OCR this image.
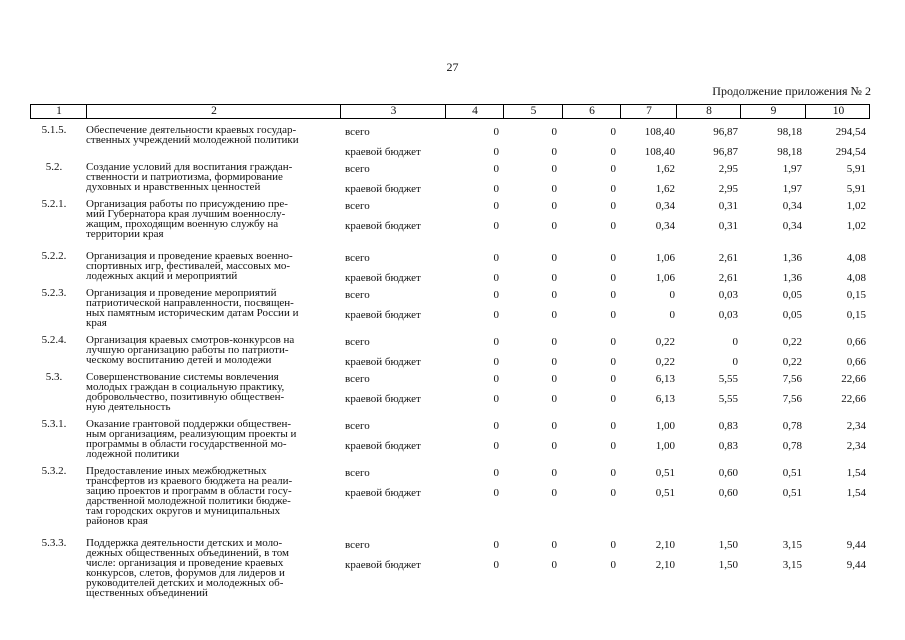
27
Продолжение приложения № 2
1	2	3	4	5	6	7	8	9	10
5.1.5.	Обеспечение деятельности краевых государ-
ственных учреждений молодежной политики
всего	0	0	0	108,40	96,87	98,18	294,54
краевой бюджет	0	0	0	108,40	96,87	98,18	294,54
5.2.	Создание условий для воспитания граждан-
ственности и патриотизма, формирование
духовных и нравственных ценностей
всего	0	0	0	1,62	2,95	1,97	5,91
краевой бюджет	0	0	0	1,62	2,95	1,97	5,91
5.2.1.	Организация работы по присуждению пре-
мий Губернатора края лучшим военнослу-
жащим, проходящим военную службу на
территории края
всего	0	0	0	0,34	0,31	0,34	1,02
краевой бюджет	0	0	0	0,34	0,31	0,34	1,02
5.2.2.	Организация и проведение краевых военно-
спортивных игр, фестивалей, массовых мо-
лодежных акций и мероприятий
всего	0	0	0	1,06	2,61	1,36	4,08
краевой бюджет	0	0	0	1,06	2,61	1,36	4,08
5.2.3.	Организация и проведение мероприятий
патриотической направленности, посвящен-
ных памятным историческим датам России и
края
всего	0	0	0	0	0,03	0,05	0,15
краевой бюджет	0	0	0	0	0,03	0,05	0,15
5.2.4.	Организация краевых смотров-конкурсов на
лучшую организацию работы по патриоти-
ческому воспитанию детей и молодежи
всего	0	0	0	0,22	0	0,22	0,66
краевой бюджет	0	0	0	0,22	0	0,22	0,66
5.3.	Совершенствование системы вовлечения
молодых граждан в социальную практику,
добровольчество, позитивную обществен-
ную деятельность
всего	0	0	0	6,13	5,55	7,56	22,66
краевой бюджет	0	0	0	6,13	5,55	7,56	22,66
5.3.1.	Оказание грантовой поддержки обществен-
ным организациям, реализующим проекты и
программы в области государственной мо-
лодежной политики
всего	0	0	0	1,00	0,83	0,78	2,34
краевой бюджет	0	0	0	1,00	0,83	0,78	2,34
5.3.2.	Предоставление иных межбюджетных
трансфертов из краевого бюджета на реали-
зацию проектов и программ в области госу-
дарственной молодежной политики бюдже-
там городских округов и муниципальных
районов края
всего	0	0	0	0,51	0,60	0,51	1,54
краевой бюджет	0	0	0	0,51	0,60	0,51	1,54
5.3.3.	Поддержка деятельности детских и моло-
дежных общественных объединений, в том
числе: организация и проведение краевых
конкурсов, слетов, форумов для лидеров и
руководителей детских и молодежных об-
щественных объединений
всего	0	0	0	2,10	1,50	3,15	9,44
краевой бюджет	0	0	0	2,10	1,50	3,15	9,44
